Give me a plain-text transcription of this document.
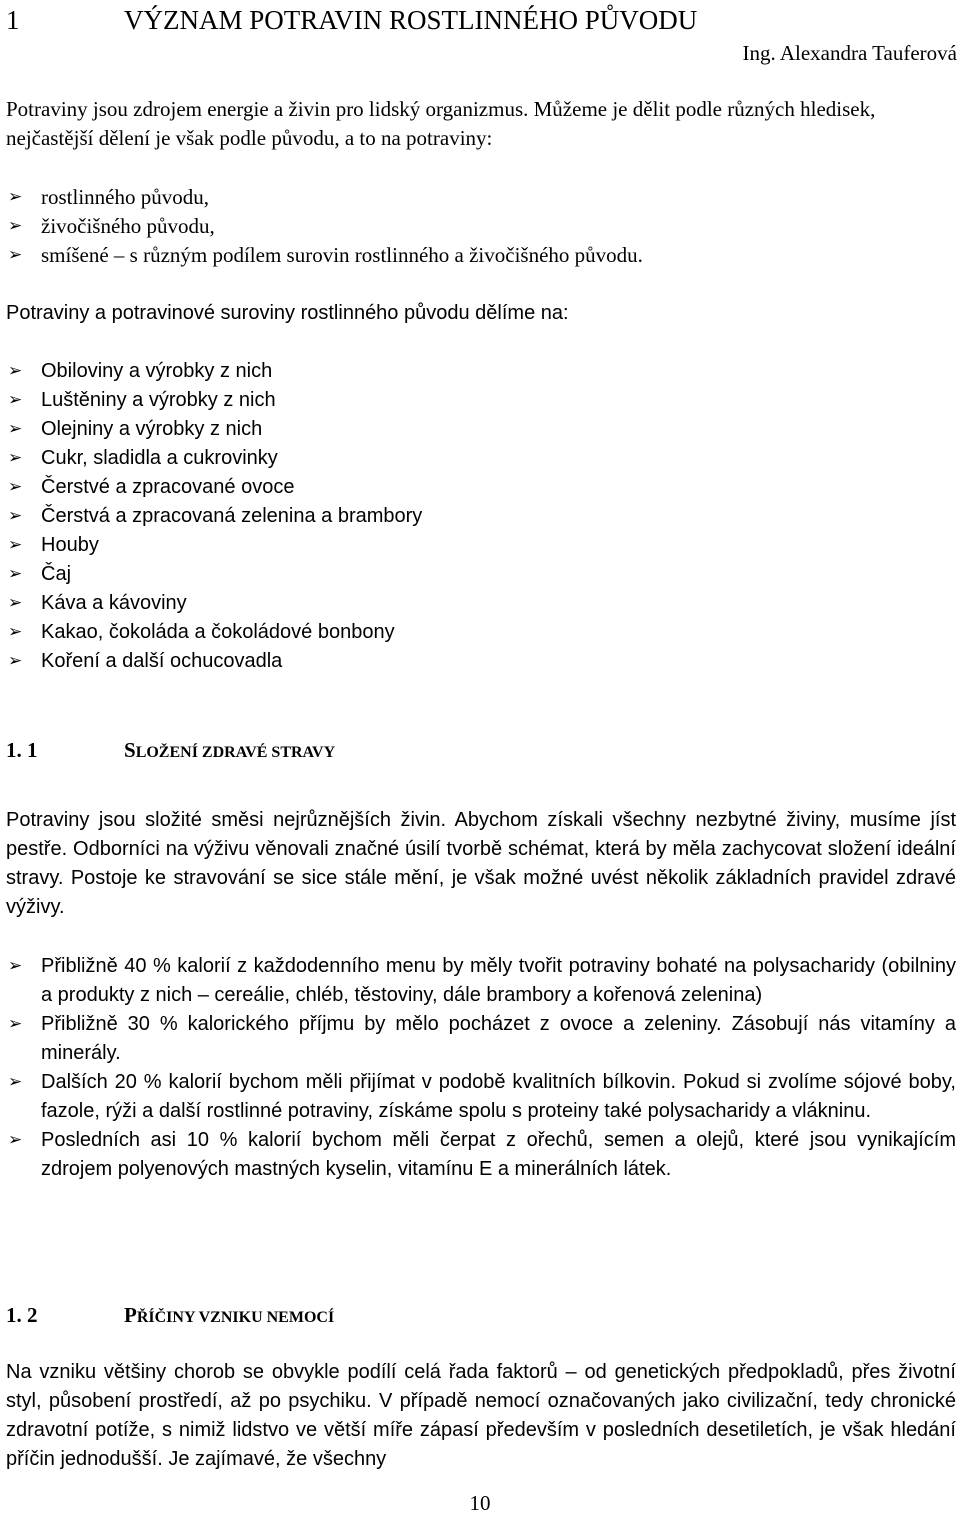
1	VÝZNAM POTRAVIN ROSTLINNÉHO PŮVODU
Ing. Alexandra Tauferová

Potraviny jsou zdrojem energie a živin pro lidský organizmus. Můžeme je dělit podle různých hledisek, nejčastější dělení je však podle původu, a to na potraviny:

➢ rostlinného původu,
➢ živočišného původu,
➢ smíšené – s různým podílem surovin rostlinného a živočišného původu.

Potraviny a potravinové suroviny rostlinného původu dělíme na:

➢ Obiloviny a výrobky z nich
➢ Luštěniny a výrobky z nich
➢ Olejniny a výrobky z nich
➢ Cukr, sladidla a cukrovinky
➢ Čerstvé a zpracované ovoce
➢ Čerstvá a zpracovaná zelenina a brambory
➢ Houby
➢ Čaj
➢ Káva a kávoviny
➢ Kakao, čokoláda a čokoládové bonbony
➢ Koření a další ochucovadla
1. 1	SLOŽENÍ ZDRAVÉ STRAVY

Potraviny jsou složité směsi nejrůznějších živin. Abychom získali všechny nezbytné živiny, musíme jíst pestře. Odborníci na výživu věnovali značné úsilí tvorbě schémat, která by měla zachycovat složení ideální stravy. Postoje ke stravování se sice stále mění, je však možné uvést několik základních pravidel zdravé výživy.

➢ Přibližně 40 % kalorií z každodenního menu by měly tvořit potraviny bohaté na polysacharidy (obilniny a produkty z nich – cereálie, chléb, těstoviny, dále brambory a kořenová zelenina)
➢ Přibližně 30 % kalorického příjmu by mělo pocházet z ovoce a zeleniny. Zásobují nás vitamíny a minerály.
➢ Dalších 20 % kalorií bychom měli přijímat v podobě kvalitních bílkovin. Pokud si zvolíme sójové boby, fazole, rýži a další rostlinné potraviny, získáme spolu s proteiny také polysacharidy a vlákninu.
➢ Posledních asi 10 % kalorií bychom měli čerpat z ořechů, semen a olejů, které jsou vynikajícím zdrojem polyenových mastných kyselin, vitamínu E a minerálních látek.
1. 2	PŘÍČINY VZNIKU NEMOCÍ

Na vzniku většiny chorob se obvykle podílí celá řada faktorů – od genetických předpokladů, přes životní styl, působení prostředí, až po psychiku. V případě nemocí označovaných jako civilizační, tedy chronické zdravotní potíže, s nimiž lidstvo ve větší míře zápasí především v posledních desetiletích, je však hledání příčin jednodušší. Je zajímavé, že všechny

10
